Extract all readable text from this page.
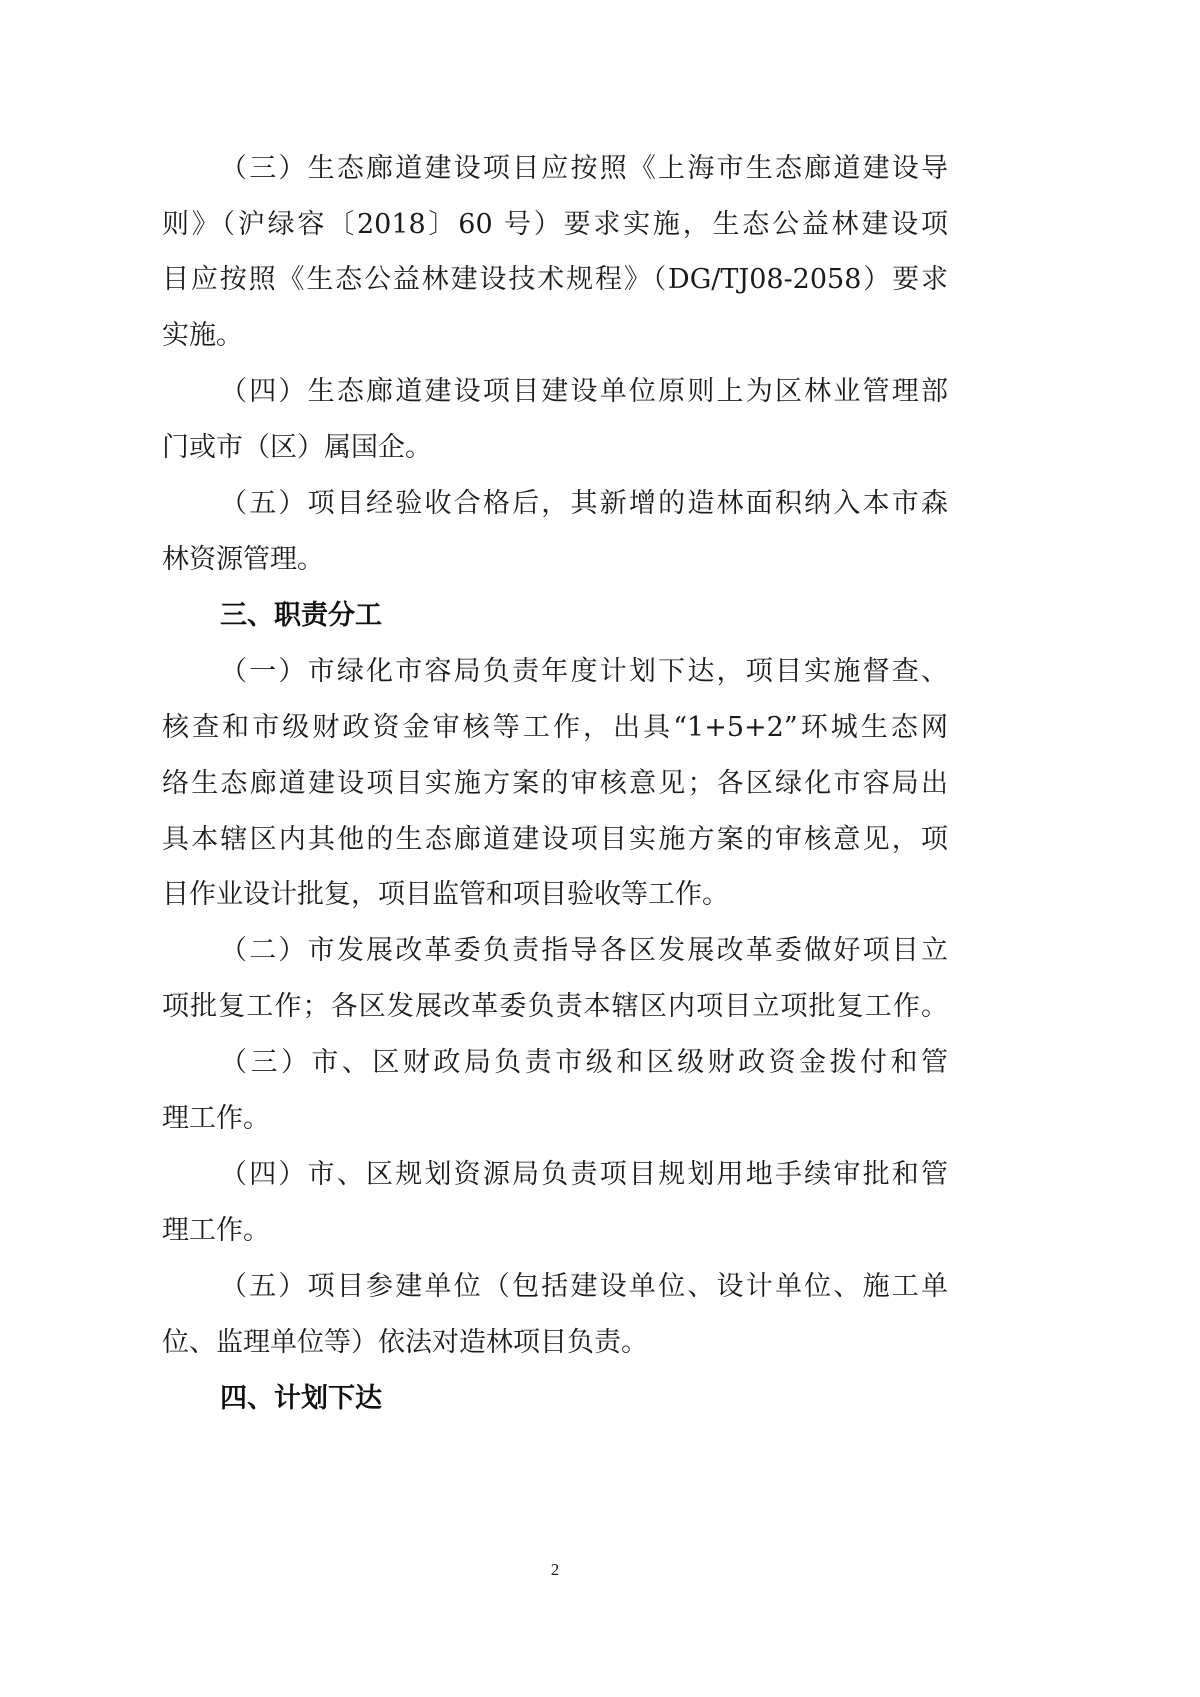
（三）生态廊道建设项目应按照《上海市生态廊道建设导
则》（沪绿容〔2018〕60 号）要求实施，生态公益林建设项
目应按照《生态公益林建设技术规程》（DG/TJ08-2058）要求
实施。
（四）生态廊道建设项目建设单位原则上为区林业管理部
门或市（区）属国企。
（五）项目经验收合格后，其新增的造林面积纳入本市森
林资源管理。
三、职责分工
（一）市绿化市容局负责年度计划下达，项目实施督查、
核查和市级财政资金审核等工作，出具“1+5+2”环城生态网
络生态廊道建设项目实施方案的审核意见；各区绿化市容局出
具本辖区内其他的生态廊道建设项目实施方案的审核意见，项
目作业设计批复，项目监管和项目验收等工作。
（二）市发展改革委负责指导各区发展改革委做好项目立
项批复工作；各区发展改革委负责本辖区内项目立项批复工作。
（三）市、区财政局负责市级和区级财政资金拨付和管
理工作。
（四）市、区规划资源局负责项目规划用地手续审批和管
理工作。
（五）项目参建单位（包括建设单位、设计单位、施工单
位、监理单位等）依法对造林项目负责。
四、计划下达
2
